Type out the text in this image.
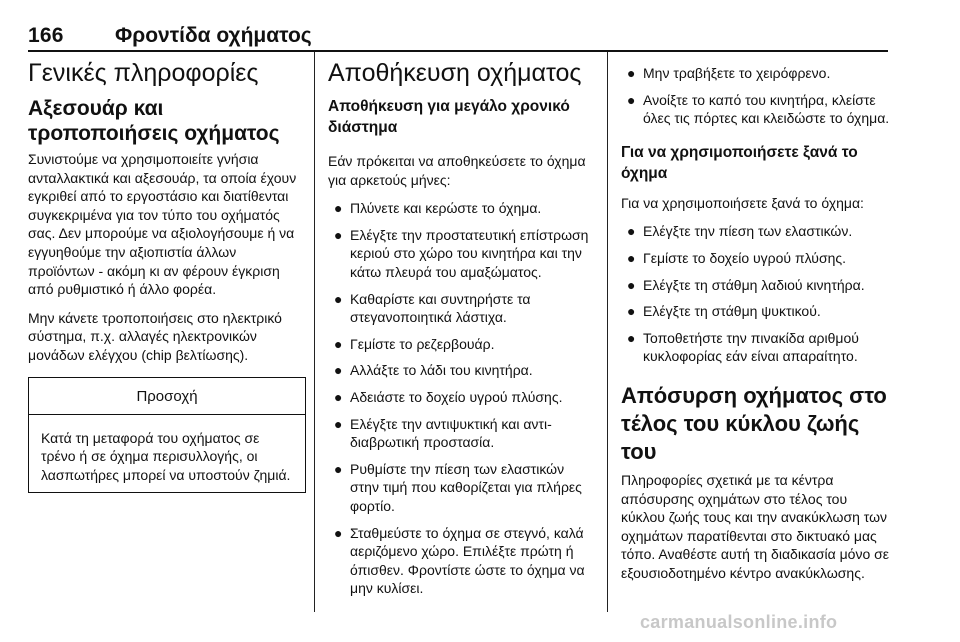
166 Φροντίδα οχήματος
Γενικές πληροφορίες
Αξεσουάρ και τροποποιήσεις οχήματος

Συνιστούμε να χρησιμοποιείτε γνήσια ανταλλακτικά και αξεσουάρ, τα οποία έχουν εγκριθεί από το εργοστάσιο και διατίθενται συγκεκριμένα για τον τύπο του οχήματός σας. Δεν μπορούμε να αξιολογήσουμε ή να εγγυηθούμε την αξιοπιστία άλλων προϊόντων - ακόμη κι αν φέρουν έγκριση από ρυθμιστικό ή άλλο φορέα.

Μην κάνετε τροποποιήσεις στο ηλεκτρικό σύστημα, π.χ. αλλαγές ηλεκτρονικών μονάδων ελέγχου (chip βελτίωσης).

Προσοχή
Κατά τη μεταφορά του οχήματος σε τρένο ή σε όχημα περισυλλογής, οι λασπωτήρες μπορεί να υποστούν ζημιά.
Αποθήκευση οχήματος
Αποθήκευση για μεγάλο χρονικό διάστημα

Εάν πρόκειται να αποθηκεύσετε το όχημα για αρκετούς μήνες:

● Πλύνετε και κερώστε το όχημα.
● Ελέγξτε την προστατευτική επίστρωση κεριού στο χώρο του κινητήρα και την κάτω πλευρά του αμαξώματος.
● Καθαρίστε και συντηρήστε τα στεγανοποιητικά λάστιχα.
● Γεμίστε το ρεζερβουάρ.
● Αλλάξτε το λάδι του κινητήρα.
● Αδειάστε το δοχείο υγρού πλύσης.
● Ελέγξτε την αντιψυκτική και αντιδιαβρωτική προστασία.
● Ρυθμίστε την πίεση των ελαστικών στην τιμή που καθορίζεται για πλήρες φορτίο.
● Σταθμεύστε το όχημα σε στεγνό, καλά αεριζόμενο χώρο. Επιλέξτε πρώτη ή όπισθεν. Φροντίστε ώστε το όχημα να μην κυλίσει.
● Μην τραβήξετε το χειρόφρενο.
● Ανοίξτε το καπό του κινητήρα, κλείστε όλες τις πόρτες και κλειδώστε το όχημα.
Για να χρησιμοποιήσετε ξανά το όχημα

Για να χρησιμοποιήσετε ξανά το όχημα:

● Ελέγξτε την πίεση των ελαστικών.
● Γεμίστε το δοχείο υγρού πλύσης.
● Ελέγξτε τη στάθμη λαδιού κινητήρα.
● Ελέγξτε τη στάθμη ψυκτικού.
● Τοποθετήστε την πινακίδα αριθμού κυκλοφορίας εάν είναι απαραίτητο.
Απόσυρση οχήματος στο τέλος του κύκλου ζωής του

Πληροφορίες σχετικά με τα κέντρα απόσυρσης οχημάτων στο τέλος του κύκλου ζωής τους και την ανακύκλωση των οχημάτων παρατίθενται στο δικτυακό μας τόπο. Αναθέστε αυτή τη διαδικασία μόνο σε εξουσιοδοτημένο κέντρο ανακύκλωσης.

carmanualsonline.info
